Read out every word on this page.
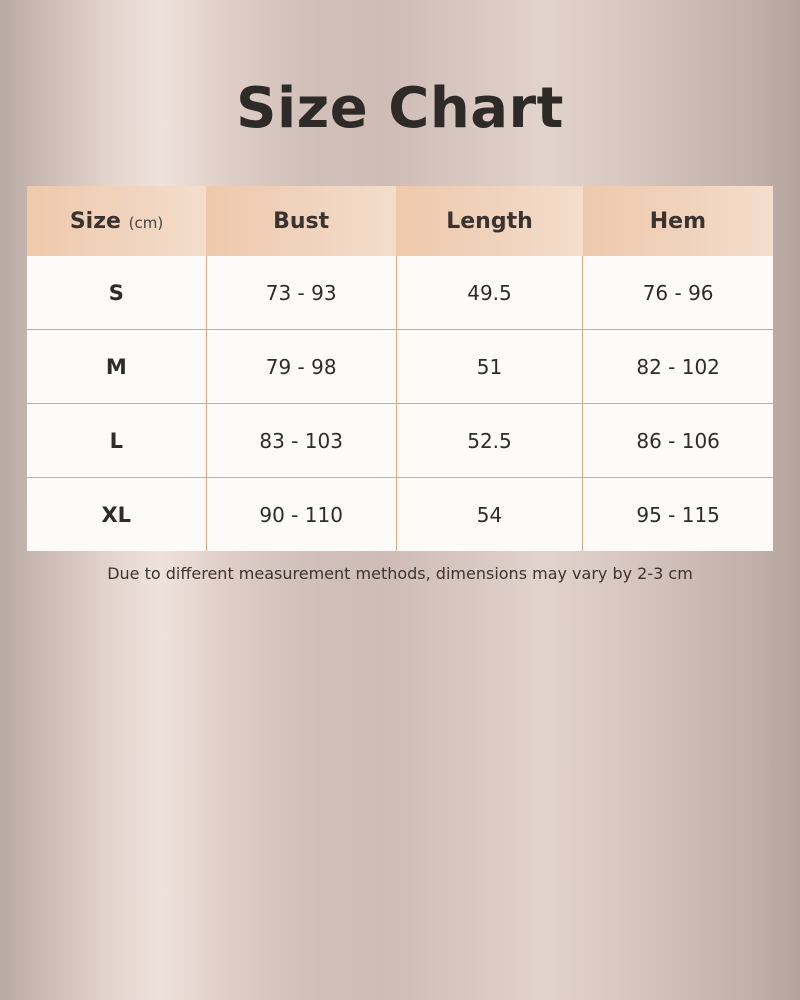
Size Chart
Size (cm)	Bust	Length	Hem
S	73 - 93	49.5	76 - 96
M	79 - 98	51	82 - 102
L	83 - 103	52.5	86 - 106
XL	90 - 110	54	95 - 115
Due to different measurement methods, dimensions may vary by 2-3 cm
